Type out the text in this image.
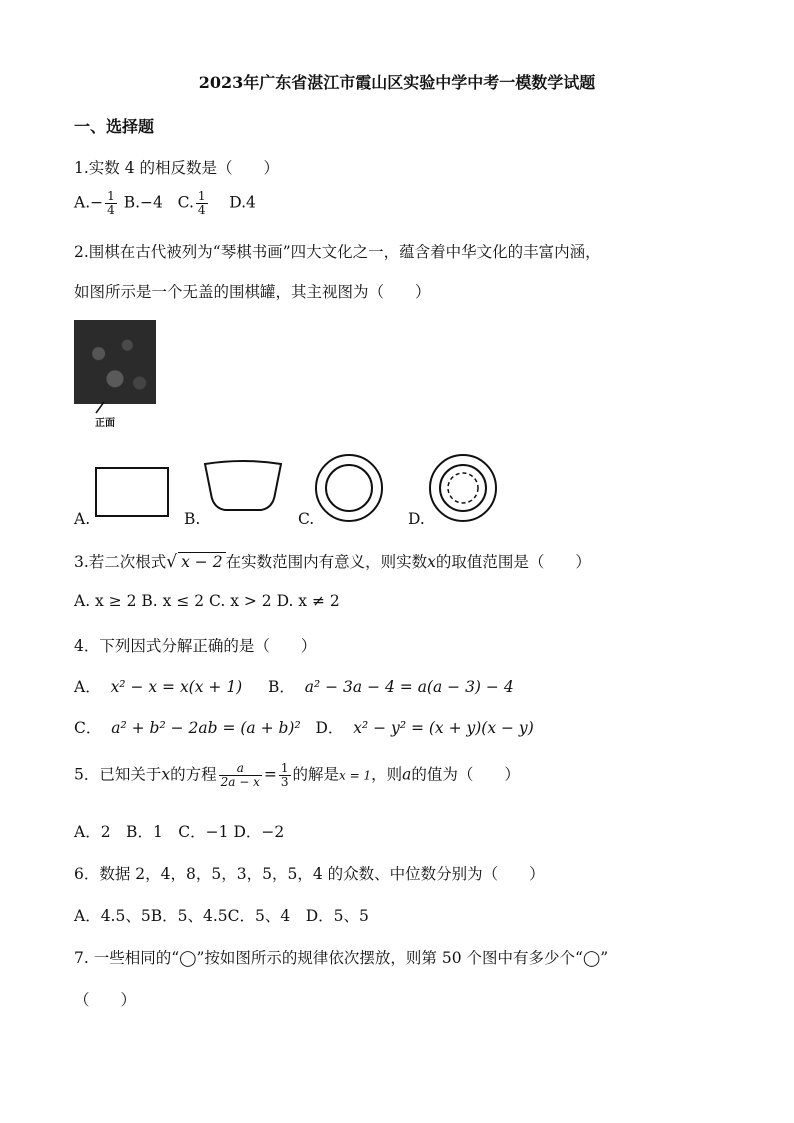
2023年广东省湛江市霞山区实验中学中考一模数学试题
一、选择题
1.实数 4 的相反数是（　　）
$A.- \frac{1}{4} B.-4$ C. $\frac{1}{4} D.4$
2.围棋在古代被列为“琴棋书画”四大文化之一，蕴含着中华文化的丰富内涵，
如图所示是一个无盖的围棋罐，其主视图为（　　）
正面
A.	B.	C.	D.
3.若二次根式√ x − 2 在实数范围内有意义，则实数x的取值范围是（　　）
A. x ≥ 2 B. x ≤ 2 C. x > 2 D. x ≠ 2
4．下列因式分解正确的是（　　）
A． x² − x = x(x + 1) B． a² − 3a − 4 = a(a − 3) − 4
C． a² + b² − 2ab = (a + b)² D． x² − y² = (x + y)(x − y)
5．已知关于x的方程 $\frac{a}{2a - x} = \frac{1}{3}$ 的解是x = 1，则a的值为（　　）
A．2　B．1　C．−1 D．−2
6．数据 2，4，8，5，3，5，5，4 的众数、中位数分别为（　　）
A．4.5、5B．5、4.5C．5、4　D．5、5
7. 一些相同的“◯”按如图所示的规律依次摆放，则第 50 个图中有多少个“◯”
（　　）
